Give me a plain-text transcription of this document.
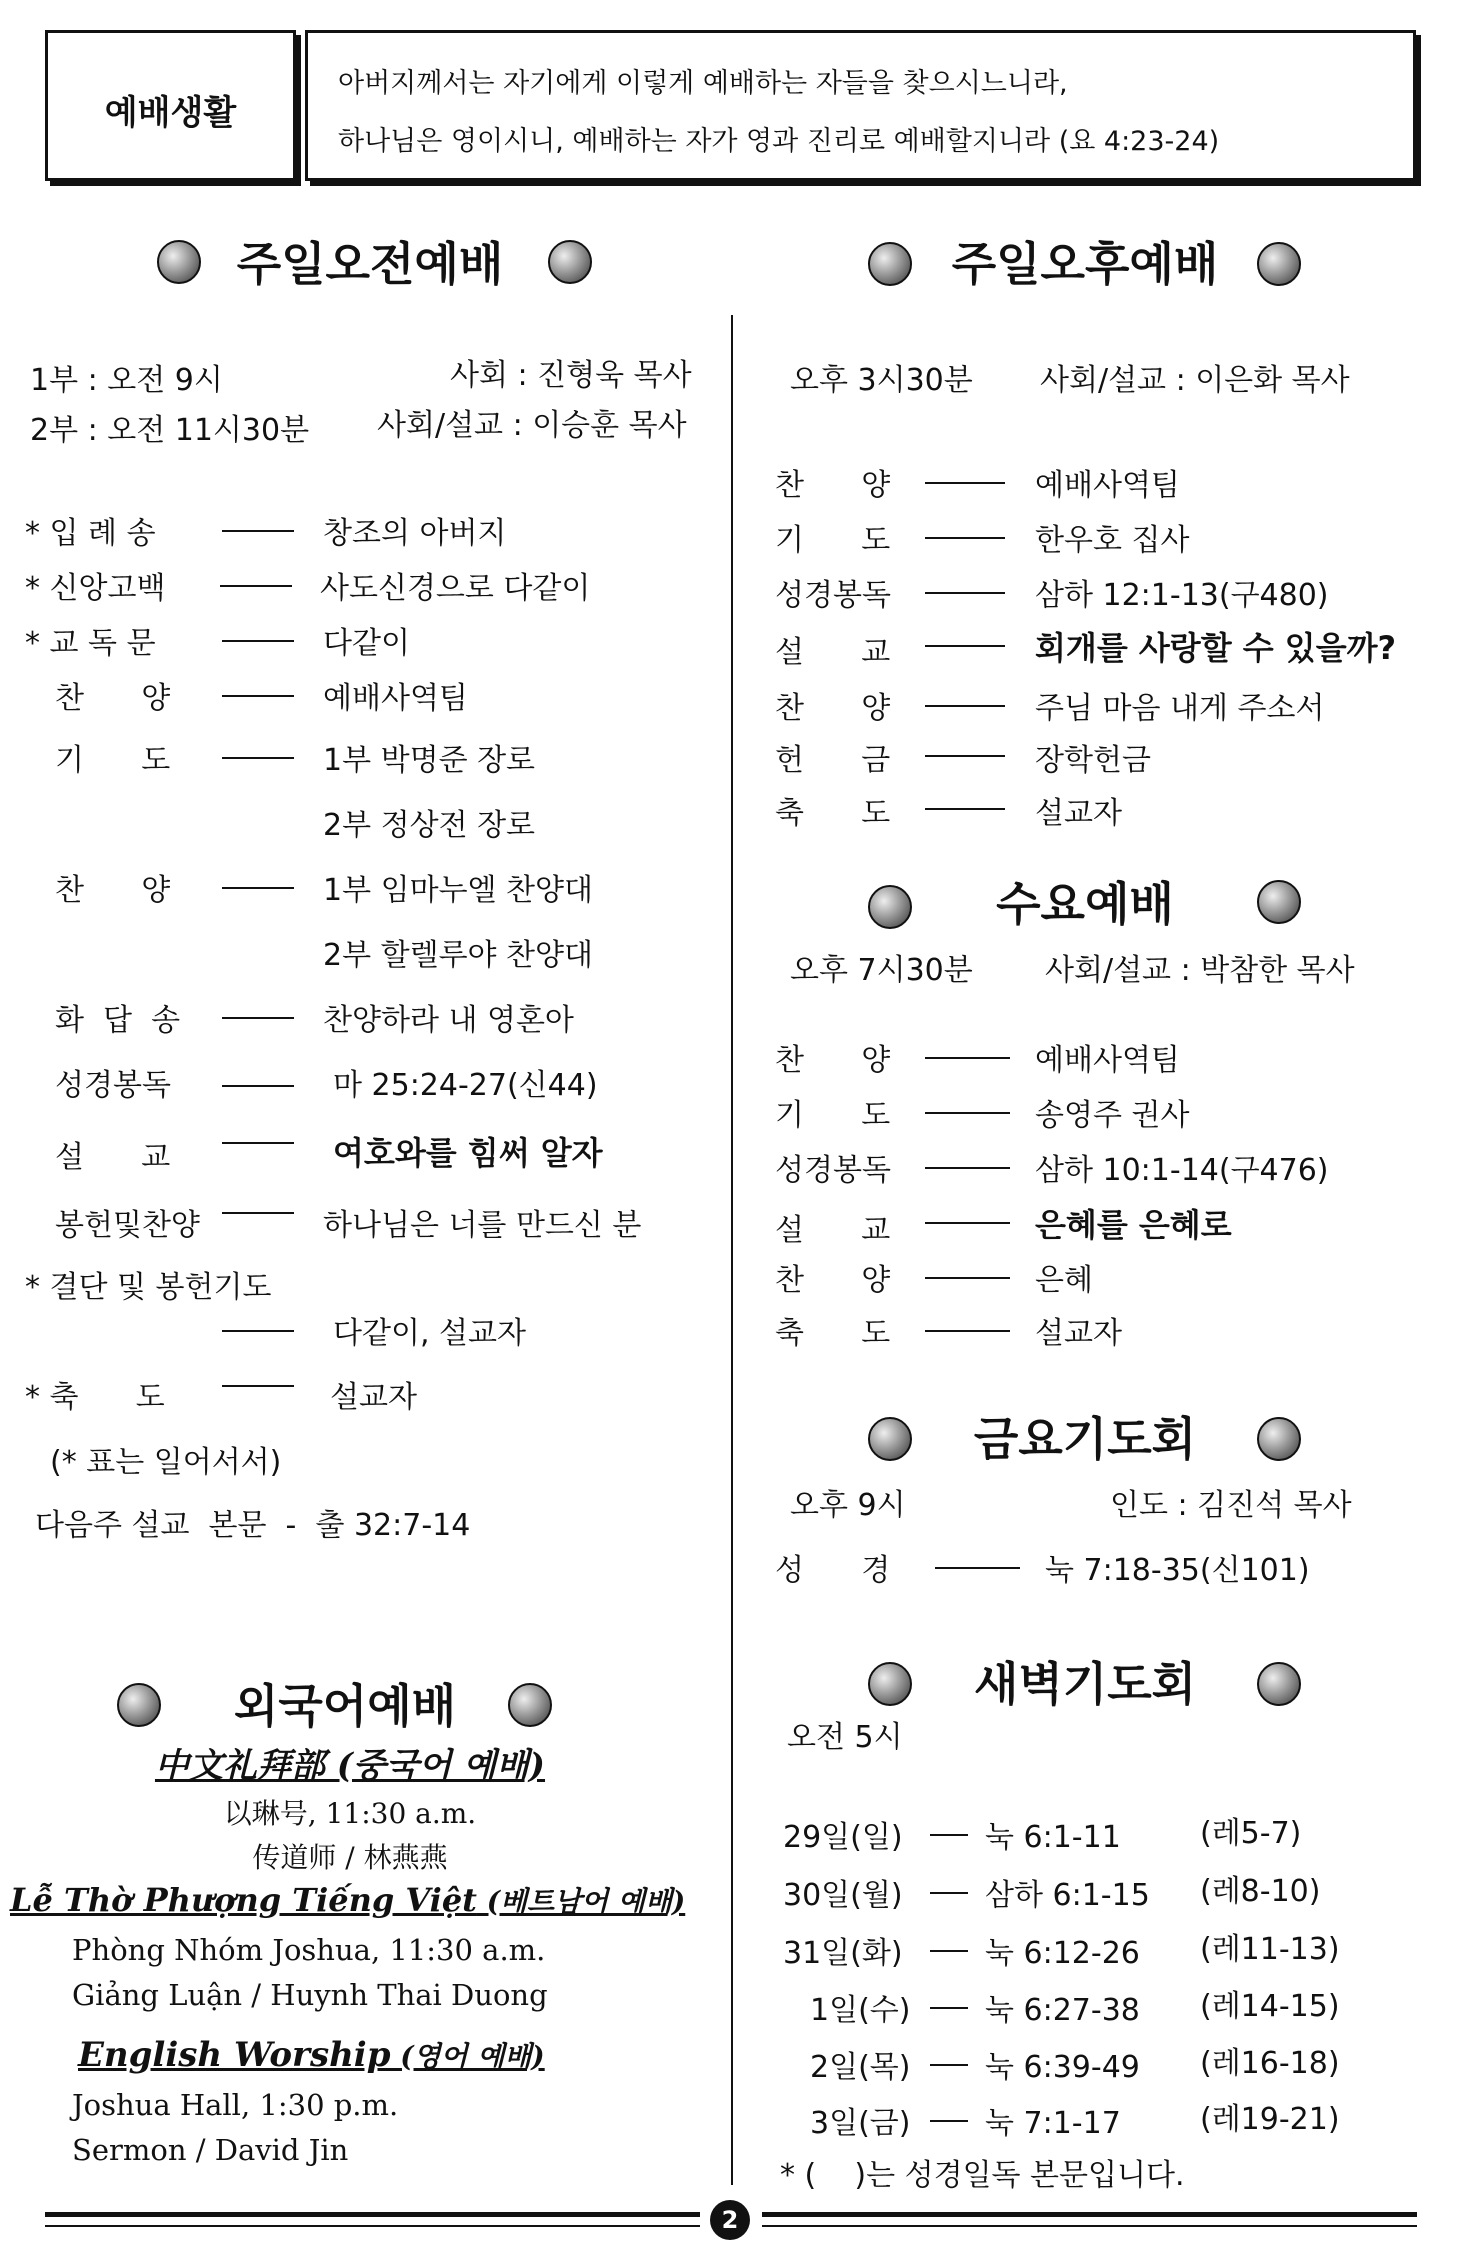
예배생활
아버지께서는 자기에게 이렇게 예배하는 자들을 찾으시느니라,
하나님은 영이시니, 예배하는 자가 영과 진리로 예배할지니라 (요 4:23-24)
주일오전예배
1부 : 오전 9시	사회 : 진형욱 목사
2부 : 오전 11시30분 사회/설교 : 이승훈 목사
* 입 례 송	창조의 아버지
* 신앙고백	사도신경으로 다같이
* 교 독 문	다같이
찬      양	예배사역팀
기      도	1부 박명준 장로
2부 정상전 장로
찬      양	1부 임마누엘 찬양대
2부 할렐루야 찬양대
화  답  송	찬양하라 내 영혼아
성경봉독	마 25:24-27(신44)
설      교	여호와를 힘써 알자
봉헌및찬양	하나님은 너를 만드신 분
* 결단 및 봉헌기도
다같이, 설교자
* 축      도	설교자
(* 표는 일어서서)
다음주 설교  본문  -  출 32:7-14
외국어예배
中文礼拜部 (중국어 예배)
以琳号, 11:30 a.m.
传道师 / 林燕燕
Lễ Thờ Phượng Tiếng Việt (베트남어 예배)
Phòng Nhóm Joshua, 11:30 a.m.
Giảng Luận / Huynh Thai Duong
English Worship (영어 예배)
Joshua Hall, 1:30 p.m.
Sermon / David Jin
주일오후예배
오후 3시30분 사회/설교 : 이은화 목사
찬      양	예배사역팀
기      도	한우호 집사
성경봉독	삼하 12:1-13(구480)
설      교	회개를 사랑할 수 있을까?
찬      양	주님 마음 내게 주소서
헌      금	장학헌금
축      도	설교자
수요예배
오후 7시30분 사회/설교 : 박참한 목사
찬      양	예배사역팀
기      도	송영주 권사
성경봉독	삼하 10:1-14(구476)
설      교	은혜를 은혜로
찬      양	은혜
축      도	설교자
금요기도회
오후 9시	인도 : 김진석 목사
성      경	눅 7:18-35(신101)
새벽기도회
오전 5시
29일(일)	눅 6:1-11	(레5-7)
30일(월)	삼하 6:1-15 (레8-10)
31일(화)	눅 6:12-26 (레11-13)
1일(수) 눅 6:27-38 (레14-15)
2일(목) 눅 6:39-49 (레16-18)
3일(금) 눅 7:1-17	(레19-21)
* (    )는 성경일독 본문입니다.
2
